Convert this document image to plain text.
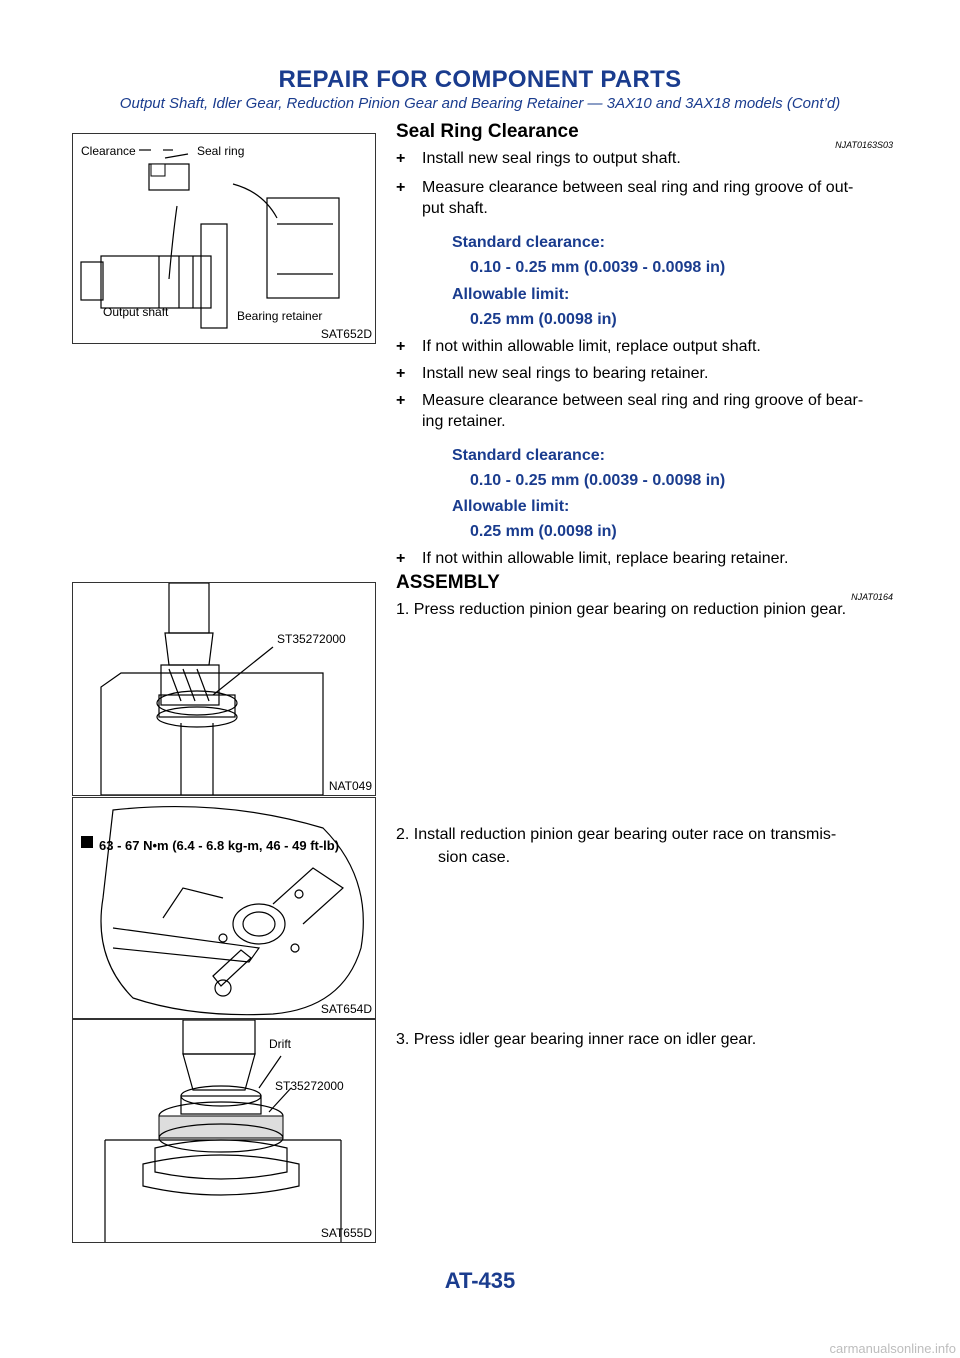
REPAIR FOR COMPONENT PARTS
Output Shaft, Idler Gear, Reduction Pinion Gear and Bearing Retainer — 3AX10 and 3AX18 models (Cont’d)
Clearance	Seal ring
Output shaft	Bearing retainer
SAT652D
Seal Ring Clearance
NJAT0163S03
+ Install new seal rings to output shaft.
+ Measure clearance between seal ring and ring groove of out-
put shaft.
Standard clearance:
0.10 - 0.25 mm (0.0039 - 0.0098 in)
Allowable limit:
0.25 mm (0.0098 in)
+ If not within allowable limit, replace output shaft.
+ Install new seal rings to bearing retainer.
+ Measure clearance between seal ring and ring groove of bear-
ing retainer.
Standard clearance:
0.10 - 0.25 mm (0.0039 - 0.0098 in)
Allowable limit:
0.25 mm (0.0098 in)
+ If not within allowable limit, replace bearing retainer.
ST35272000
NAT049
ASSEMBLY
NJAT0164
1. Press reduction pinion gear bearing on reduction pinion gear.
63 - 67 N•m (6.4 - 6.8 kg-m, 46 - 49 ft-lb)
SAT654D
2. Install reduction pinion gear bearing outer race on transmis-
sion case.
Drift
ST35272000
SAT655D
3. Press idler gear bearing inner race on idler gear.
AT-435
carmanualsonline.info
